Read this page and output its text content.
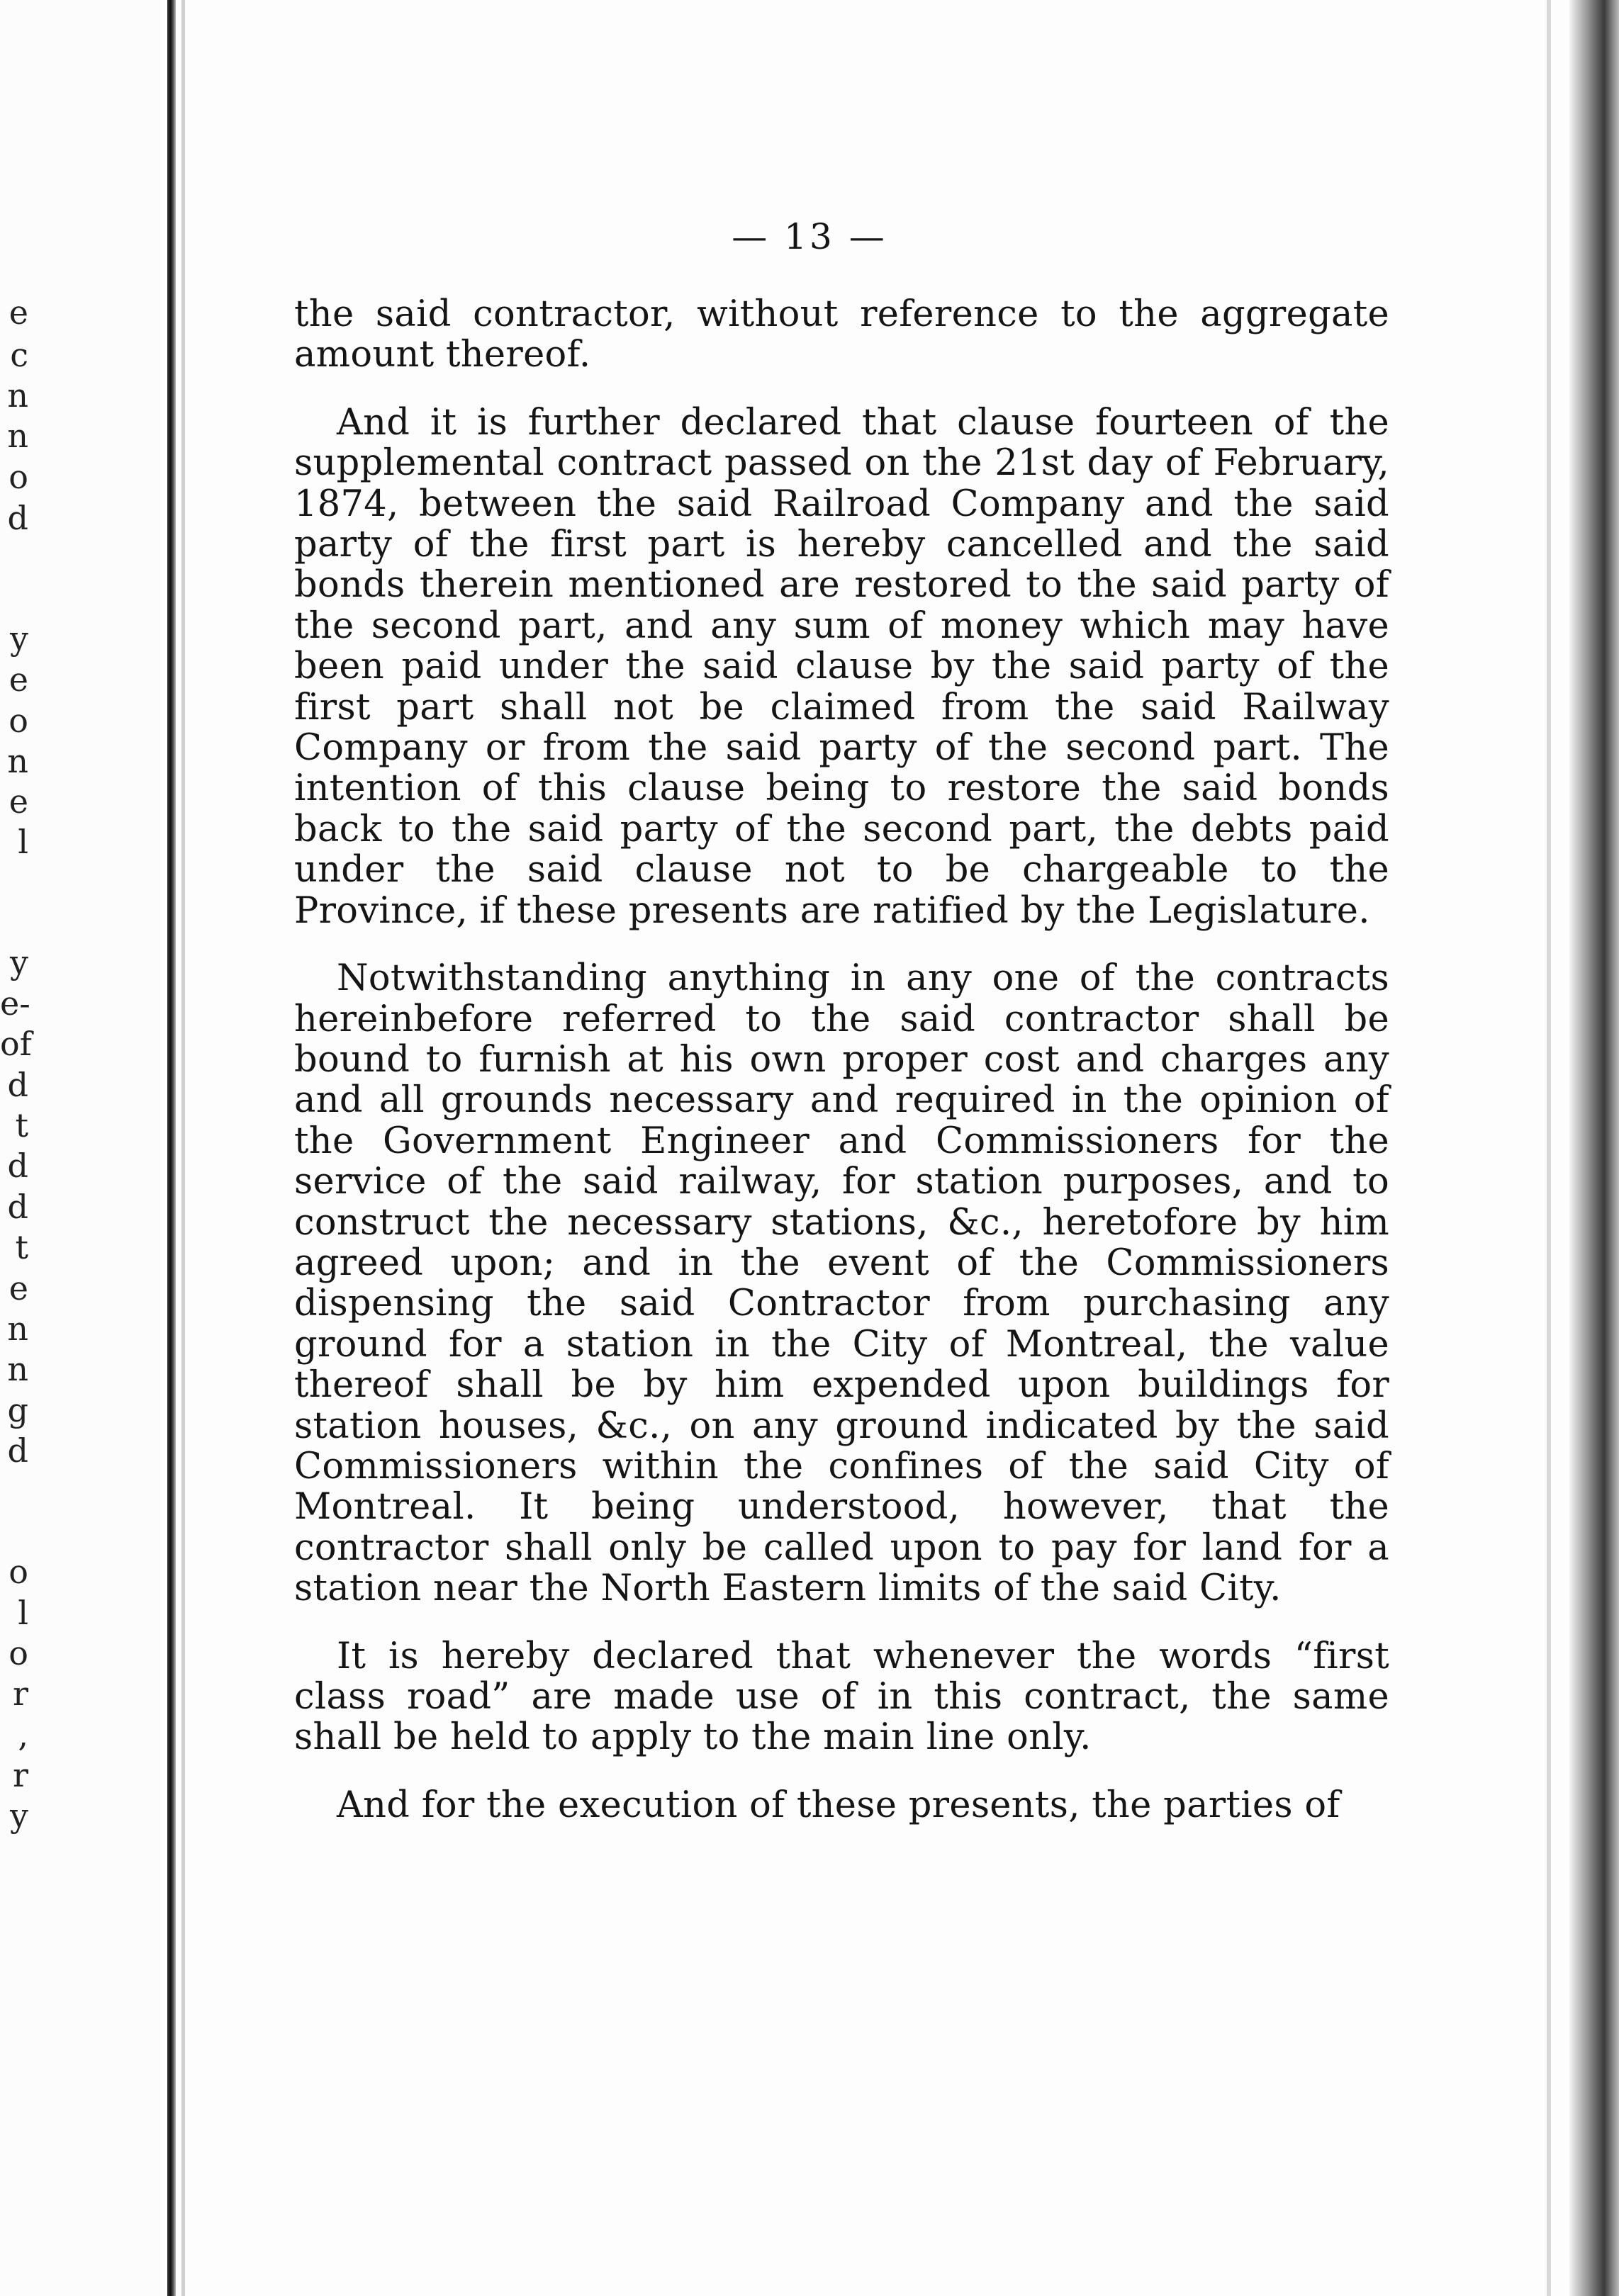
e
c
n
n
o
d
y
e
o
n
e
l
y
e-
of
d
t
d
d
t
e
n
n
g
d
o
l
o
r
,
r
y
— 13 —

the said contractor, without reference to the aggregate amount thereof.

And it is further declared that clause fourteen of the supplemental contract passed on the 21st day of February, 1874, between the said Railroad Company and the said party of the first part is hereby cancelled and the said bonds therein mentioned are restored to the said party of the second part, and any sum of money which may have been paid under the said clause by the said party of the first part shall not be claimed from the said Railway Company or from the said party of the second part. The intention of this clause being to restore the said bonds back to the said party of the second part, the debts paid under the said clause not to be chargeable to the Province, if these presents are ratified by the Legislature.

Notwithstanding anything in any one of the contracts hereinbefore referred to the said contractor shall be bound to furnish at his own proper cost and charges any and all grounds necessary and required in the opinion of the Government Engineer and Commissioners for the service of the said railway, for station purposes, and to construct the necessary stations, &c., heretofore by him agreed upon; and in the event of the Commissioners dispensing the said Contractor from purchasing any ground for a station in the City of Montreal, the value thereof shall be by him expended upon buildings for station houses, &c., on any ground indicated by the said Commissioners within the confines of the said City of Montreal. It being understood, however, that the contractor shall only be called upon to pay for land for a station near the North Eastern limits of the said City.

It is hereby declared that whenever the words “first class road” are made use of in this contract, the same shall be held to apply to the main line only.

And for the execution of these presents, the parties of
